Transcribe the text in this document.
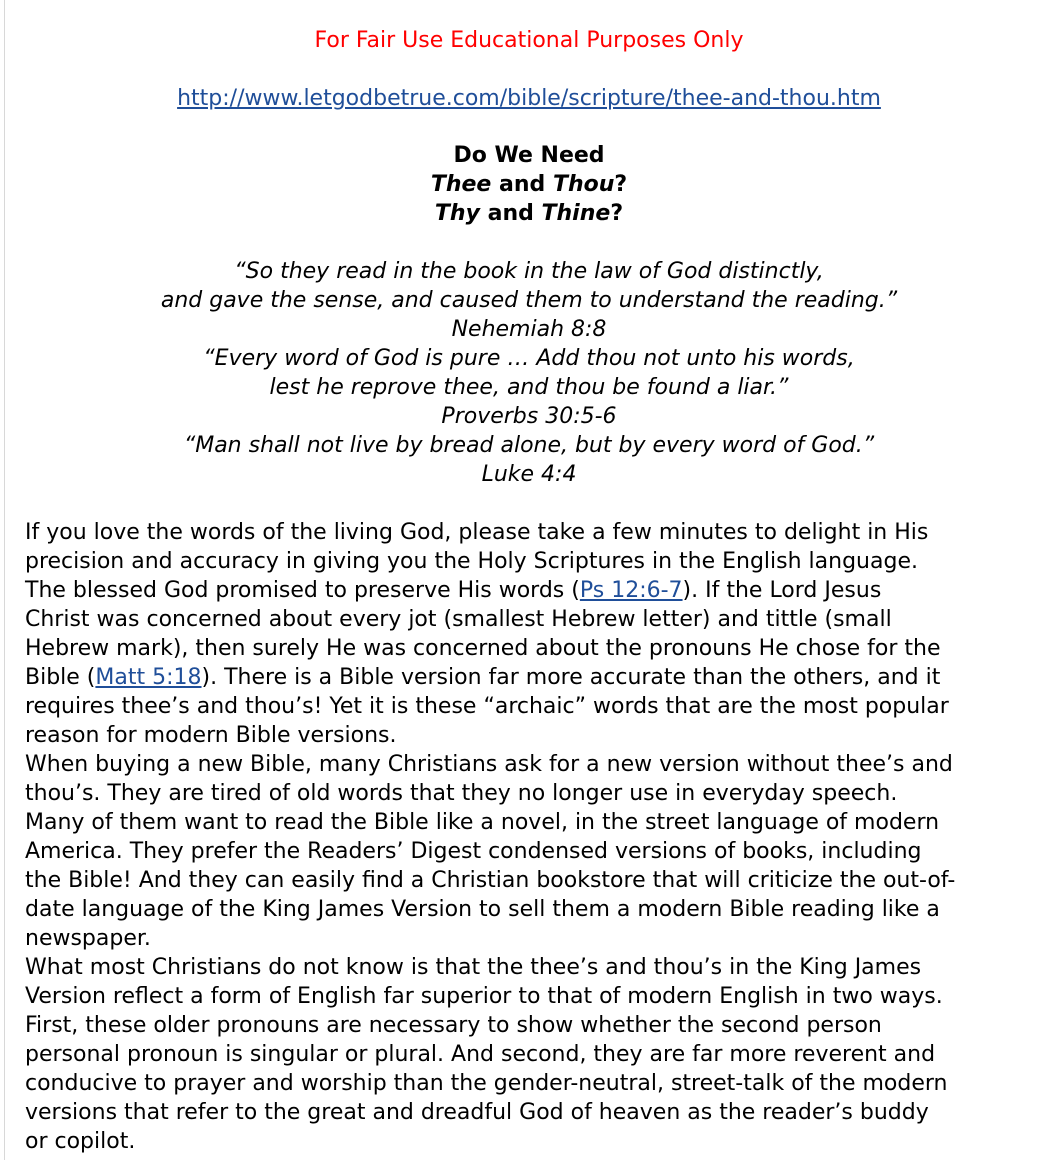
For Fair Use Educational Purposes Only
http://www.letgodbetrue.com/bible/scripture/thee-and-thou.htm
Do We Need
Thee and Thou?
Thy and Thine?
“So they read in the book in the law of God distinctly,
and gave the sense, and caused them to understand the reading.”
Nehemiah 8:8
“Every word of God is pure … Add thou not unto his words,
lest he reprove thee, and thou be found a liar.”
Proverbs 30:5-6
“Man shall not live by bread alone, but by every word of God.”
Luke 4:4

If you love the words of the living God, please take a few minutes to delight in His
precision and accuracy in giving you the Holy Scriptures in the English language.
The blessed God promised to preserve His words (Ps 12:6-7). If the Lord Jesus
Christ was concerned about every jot (smallest Hebrew letter) and tittle (small
Hebrew mark), then surely He was concerned about the pronouns He chose for the
Bible (Matt 5:18). There is a Bible version far more accurate than the others, and it
requires thee’s and thou’s! Yet it is these “archaic” words that are the most popular
reason for modern Bible versions.

When buying a new Bible, many Christians ask for a new version without thee’s and
thou’s. They are tired of old words that they no longer use in everyday speech.
Many of them want to read the Bible like a novel, in the street language of modern
America. They prefer the Readers’ Digest condensed versions of books, including
the Bible! And they can easily find a Christian bookstore that will criticize the out-of-
date language of the King James Version to sell them a modern Bible reading like a
newspaper.

What most Christians do not know is that the thee’s and thou’s in the King James
Version reflect a form of English far superior to that of modern English in two ways.
First, these older pronouns are necessary to show whether the second person
personal pronoun is singular or plural. And second, they are far more reverent and
conducive to prayer and worship than the gender-neutral, street-talk of the modern
versions that refer to the great and dreadful God of heaven as the reader’s buddy
or copilot.
